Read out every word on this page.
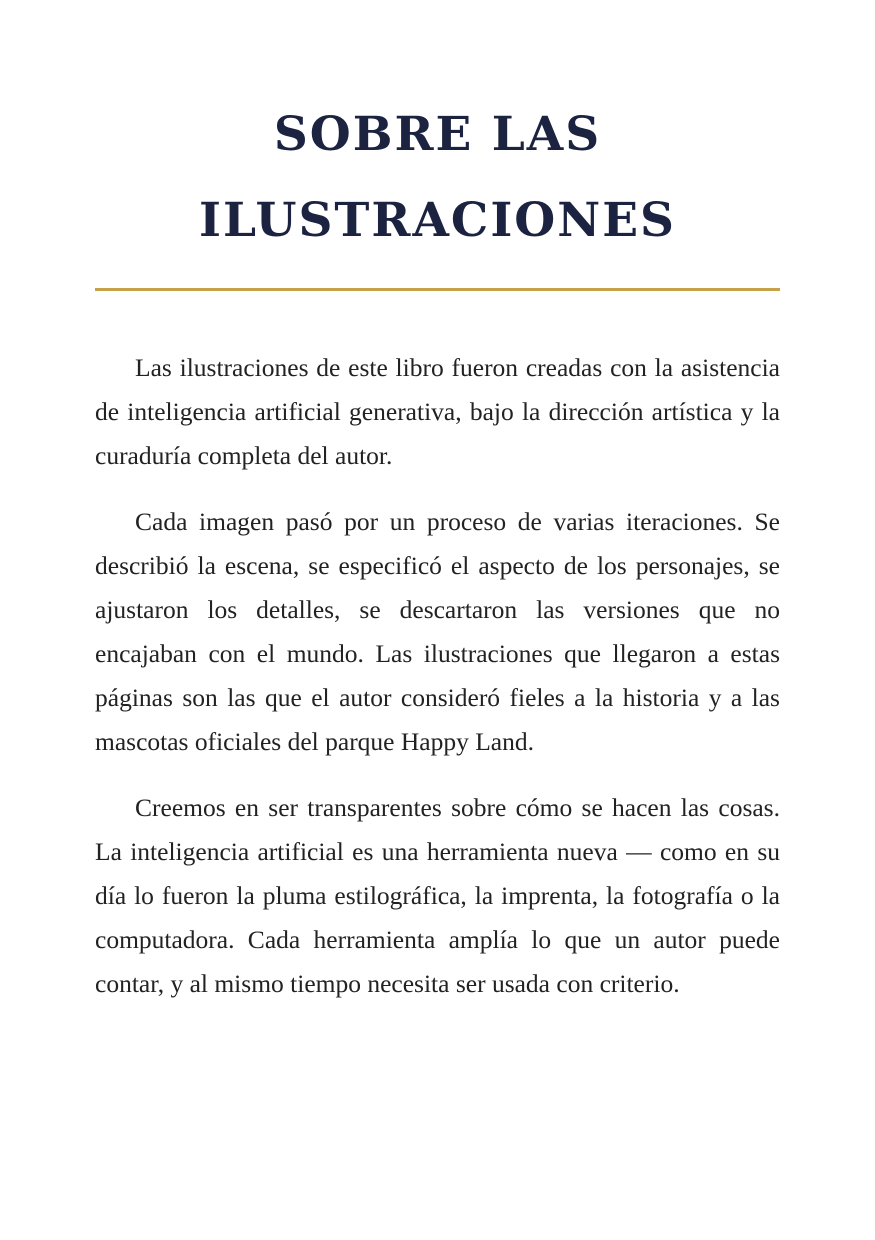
SOBRE LAS
ILUSTRACIONES

Las ilustraciones de este libro fueron creadas con la asistencia de inteligencia artificial generativa, bajo la dirección artística y la curaduría completa del autor.

Cada imagen pasó por un proceso de varias iteraciones. Se describió la escena, se especificó el aspecto de los personajes, se ajustaron los detalles, se descartaron las versiones que no encajaban con el mundo. Las ilustraciones que llegaron a estas páginas son las que el autor consideró fieles a la historia y a las mascotas oficiales del parque Happy Land.

Creemos en ser transparentes sobre cómo se hacen las cosas. La inteligencia artificial es una herramienta nueva — como en su día lo fueron la pluma estilográfica, la imprenta, la fotografía o la computadora. Cada herramienta amplía lo que un autor puede contar, y al mismo tiempo necesita ser usada con criterio.
